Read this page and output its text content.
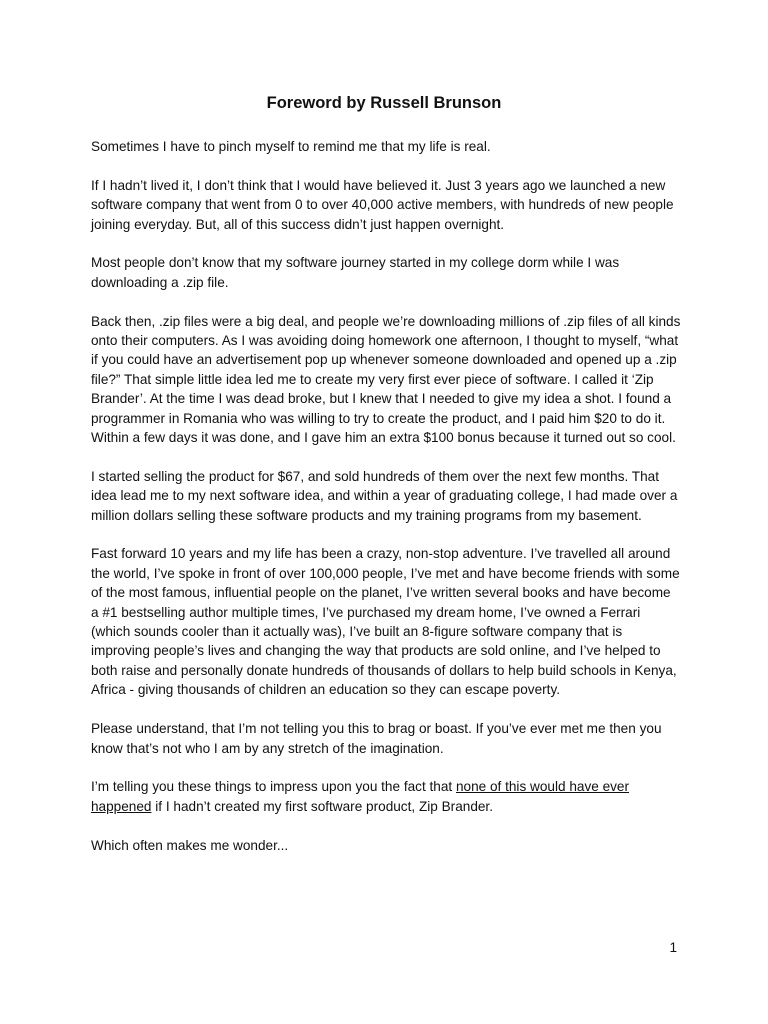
Foreword by Russell Brunson

Sometimes I have to pinch myself to remind me that my life is real.

If I hadn’t lived it, I don’t think that I would have believed it. Just 3 years ago we launched a new software company that went from 0 to over 40,000 active members, with hundreds of new people joining everyday. But, all of this success didn’t just happen overnight.

Most people don’t know that my software journey started in my college dorm while I was downloading a .zip file.

Back then, .zip files were a big deal, and people we’re downloading millions of .zip files of all kinds onto their computers. As I was avoiding doing homework one afternoon, I thought to myself, “what if you could have an advertisement pop up whenever someone downloaded and opened up a .zip file?” That simple little idea led me to create my very first ever piece of software. I called it ‘Zip Brander’. At the time I was dead broke, but I knew that I needed to give my idea a shot. I found a programmer in Romania who was willing to try to create the product, and I paid him $20 to do it. Within a few days it was done, and I gave him an extra $100 bonus because it turned out so cool.

I started selling the product for $67, and sold hundreds of them over the next few months. That idea lead me to my next software idea, and within a year of graduating college, I had made over a million dollars selling these software products and my training programs from my basement.

Fast forward 10 years and my life has been a crazy, non-stop adventure. I’ve travelled all around the world, I’ve spoke in front of over 100,000 people, I’ve met and have become friends with some of the most famous, influential people on the planet, I’ve written several books and have become a #1 bestselling author multiple times, I’ve purchased my dream home, I’ve owned a Ferrari (which sounds cooler than it actually was), I’ve built an 8-figure software company that is improving people’s lives and changing the way that products are sold online, and I’ve helped to both raise and personally donate hundreds of thousands of dollars to help build schools in Kenya, Africa - giving thousands of children an education so they can escape poverty.

Please understand, that I’m not telling you this to brag or boast. If you’ve ever met me then you know that’s not who I am by any stretch of the imagination.

I’m telling you these things to impress upon you the fact that none of this would have ever happened if I hadn’t created my first software product, Zip Brander.

Which often makes me wonder...

1
